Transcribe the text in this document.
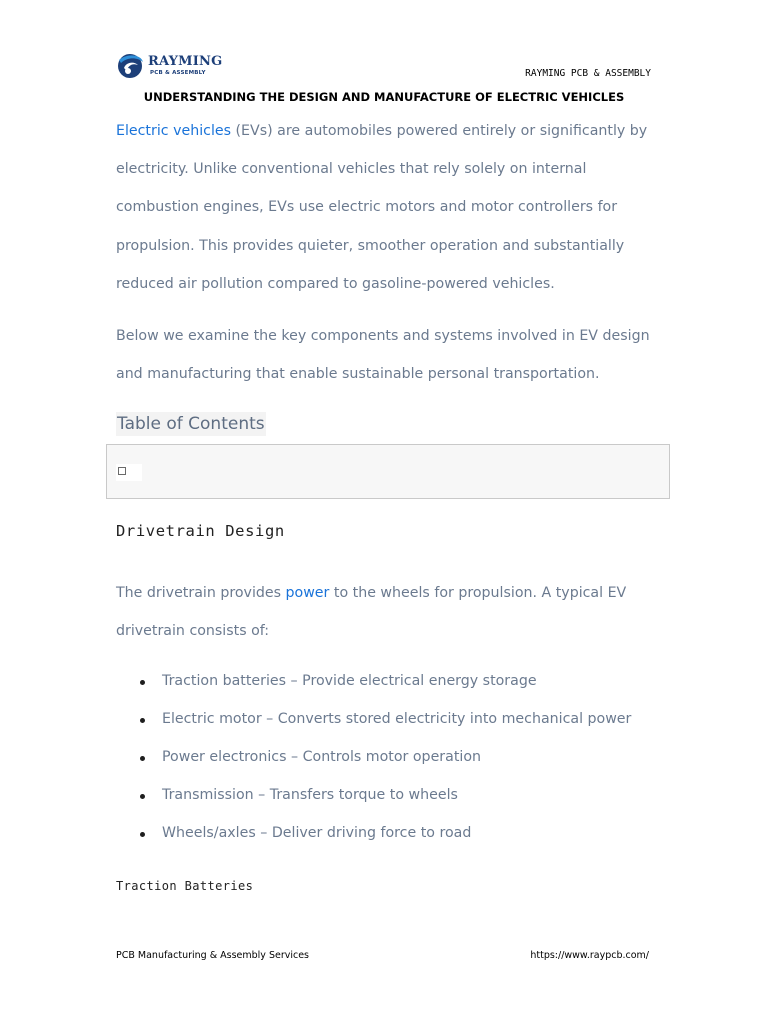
RAYMING
PCB & ASSEMBLY	RAYMING PCB & ASSEMBLY
UNDERSTANDING THE DESIGN AND MANUFACTURE OF ELECTRIC VEHICLES

Electric vehicles (EVs) are automobiles powered entirely or significantly by electricity. Unlike conventional vehicles that rely solely on internal combustion engines, EVs use electric motors and motor controllers for propulsion. This provides quieter, smoother operation and substantially reduced air pollution compared to gasoline-powered vehicles.

Below we examine the key components and systems involved in EV design and manufacturing that enable sustainable personal transportation.

Table of Contents
Drivetrain Design

The drivetrain provides power to the wheels for propulsion. A typical EV drivetrain consists of:

Traction batteries – Provide electrical energy storage
Electric motor – Converts stored electricity into mechanical power
Power electronics – Controls motor operation
Transmission – Transfers torque to wheels
Wheels/axles – Deliver driving force to road
Traction Batteries
PCB Manufacturing & Assembly Services	https://www.raypcb.com/
